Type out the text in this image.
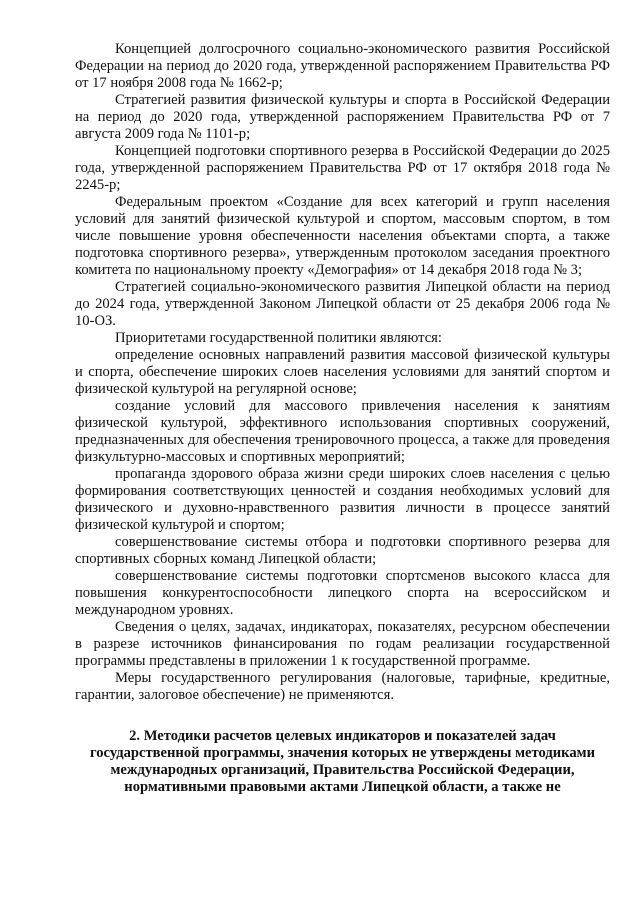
Концепцией долгосрочного социально-экономического развития Российской Федерации на период до 2020 года, утвержденной распоряжением Правительства РФ от 17 ноября 2008 года № 1662-р;

Стратегией развития физической культуры и спорта в Российской Федерации на период до 2020 года, утвержденной распоряжением Правительства РФ от 7 августа 2009 года № 1101-р;

Концепцией подготовки спортивного резерва в Российской Федерации до 2025 года, утвержденной распоряжением Правительства РФ от 17 октября 2018 года № 2245-р;

Федеральным проектом «Создание для всех категорий и групп населения условий для занятий физической культурой и спортом, массовым спортом, в том числе повышение уровня обеспеченности населения объектами спорта, а также подготовка спортивного резерва», утвержденным протоколом заседания проектного комитета по национальному проекту «Демография» от 14 декабря 2018 года № 3;

Стратегией социально-экономического развития Липецкой области на период до 2024 года, утвержденной Законом Липецкой области от 25 декабря 2006 года № 10-ОЗ.

Приоритетами государственной политики являются:

определение основных направлений развития массовой физической культуры и спорта, обеспечение широких слоев населения условиями для занятий спортом и физической культурой на регулярной основе;

создание условий для массового привлечения населения к занятиям физической культурой, эффективного использования спортивных сооружений, предназначенных для обеспечения тренировочного процесса, а также для проведения физкультурно-массовых и спортивных мероприятий;

пропаганда здорового образа жизни среди широких слоев населения с целью формирования соответствующих ценностей и создания необходимых условий для физического и духовно-нравственного развития личности в процессе занятий физической культурой и спортом;

совершенствование системы отбора и подготовки спортивного резерва для спортивных сборных команд Липецкой области;

совершенствование системы подготовки спортсменов высокого класса для повышения конкурентоспособности липецкого спорта на всероссийском и международном уровнях.

Сведения о целях, задачах, индикаторах, показателях, ресурсном обеспечении в разрезе источников финансирования по годам реализации государственной программы представлены в приложении 1 к государственной программе.

Меры государственного регулирования (налоговые, тарифные, кредитные, гарантии, залоговое обеспечение) не применяются.

2. Методики расчетов целевых индикаторов и показателей задач государственной программы, значения которых не утверждены методиками международных организаций, Правительства Российской Федерации, нормативными правовыми актами Липецкой области, а также не
